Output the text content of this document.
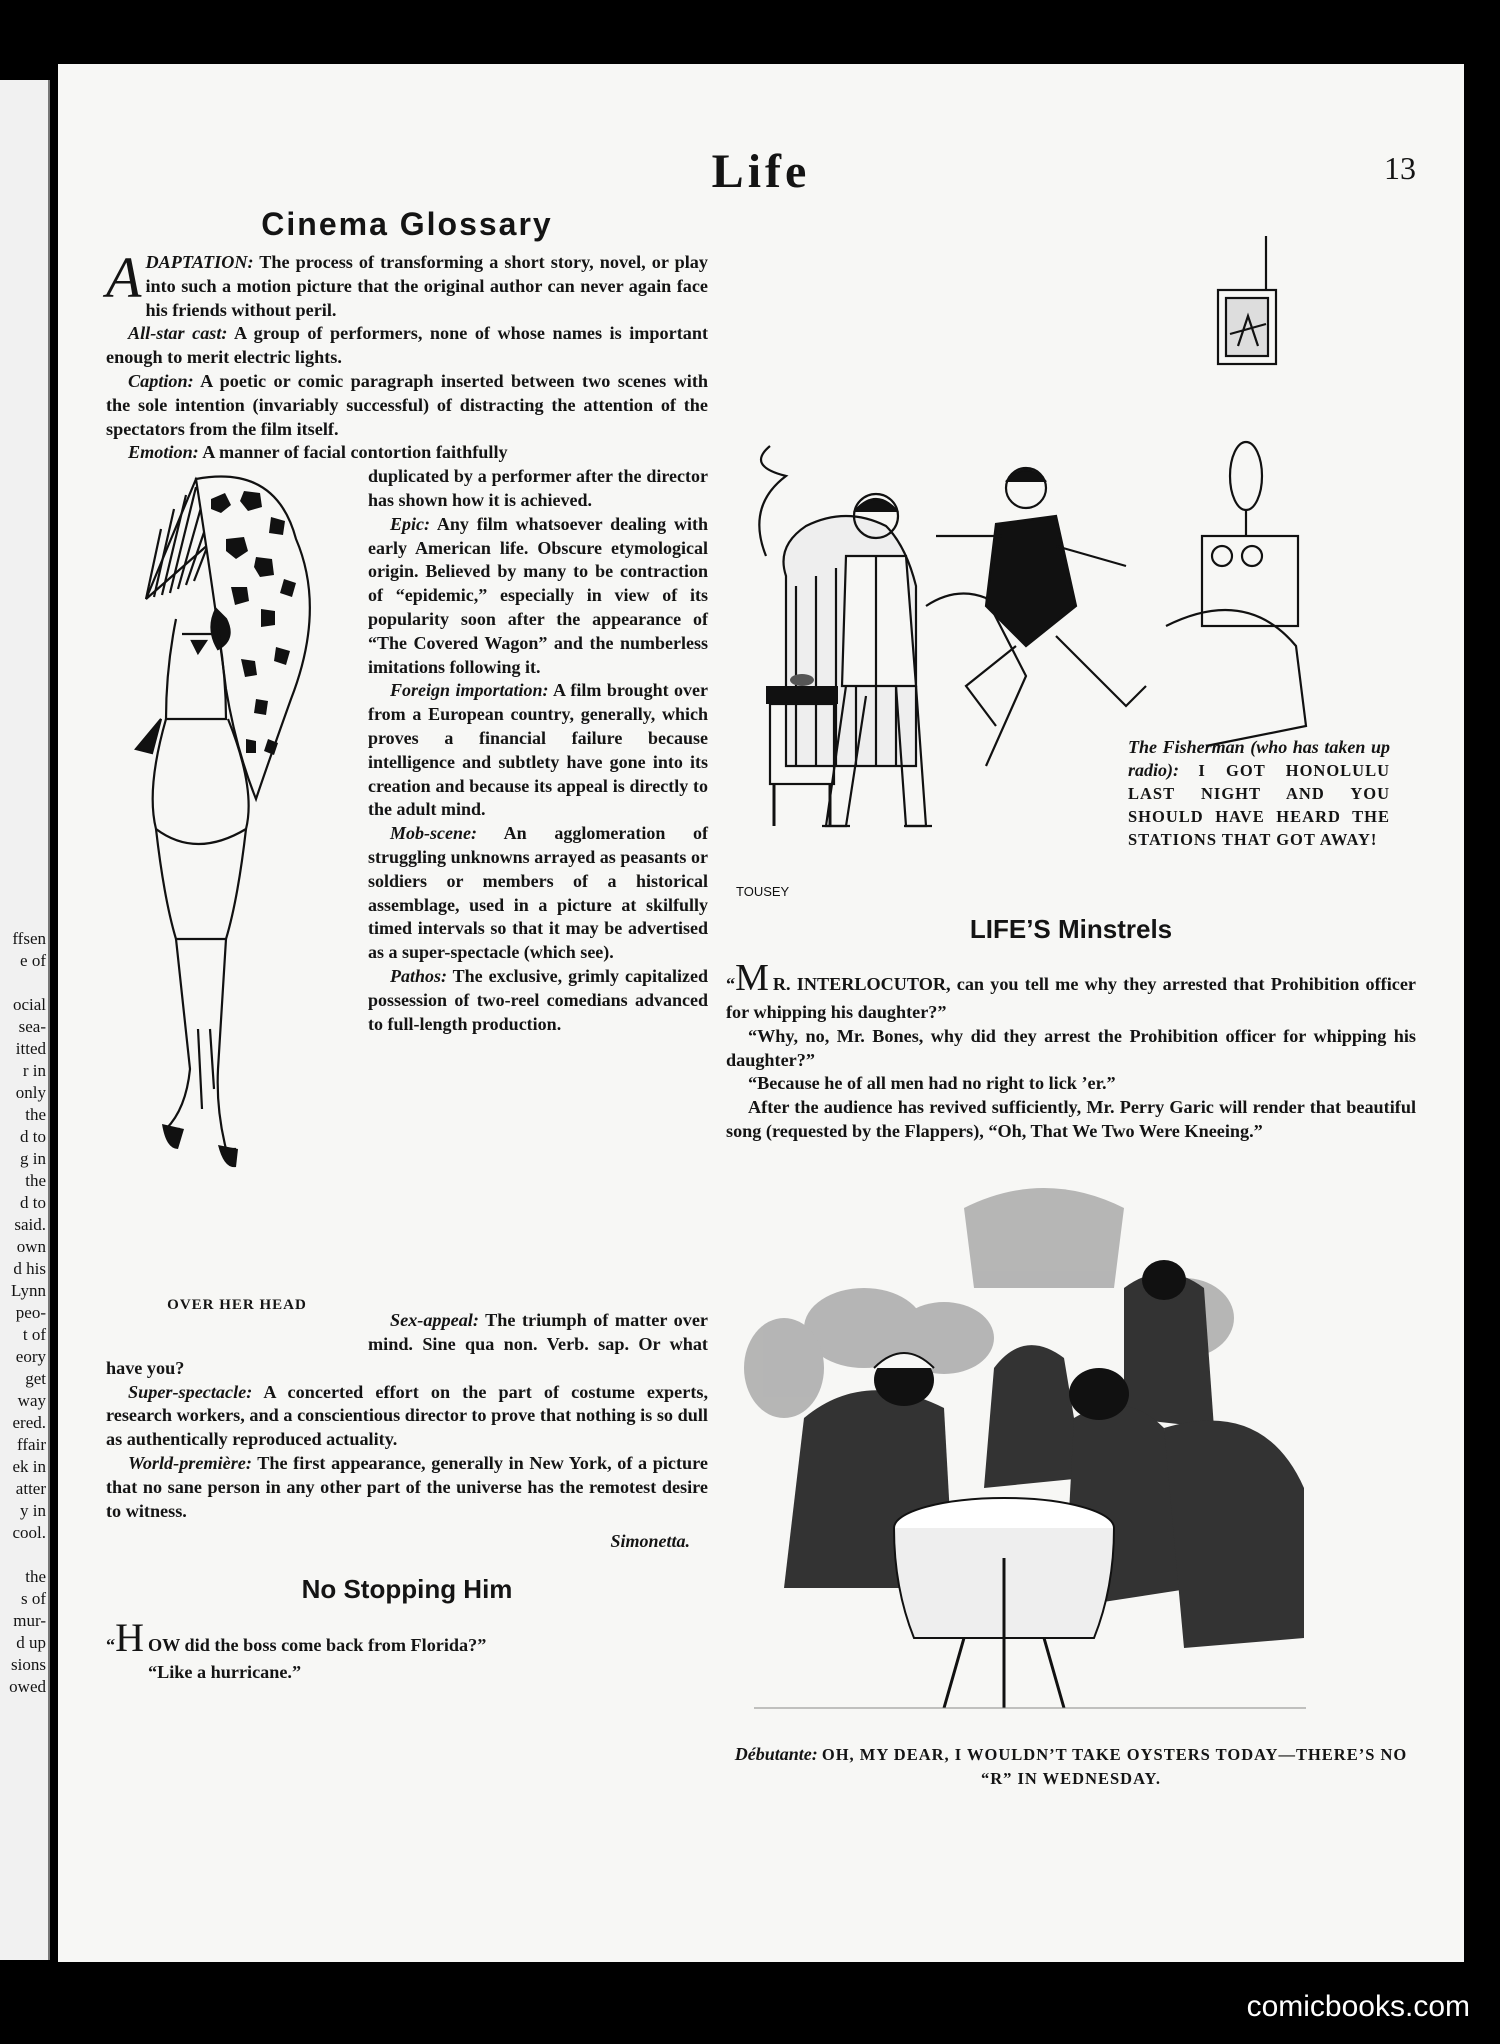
ffsen
e of
ocial
sea-
itted
r in
only
the
d to
g in
the
d to
said.
own
d his
Lynn
peo-
t of
eory
get
way
ered.
ffair
ek in
atter
y in
cool.
the
s of
mur-
d up
sions
owed
Life	13
Cinema Glossary

ADAPTATION: The process of transforming a short story, novel, or play into such a motion picture that the original author can never again face his friends without peril.

All-star cast: A group of performers, none of whose names is important enough to merit electric lights.

Caption: A poetic or comic paragraph inserted between two scenes with the sole intention (invariably successful) of distracting the attention of the spectators from the film itself.

Emotion: A manner of facial contortion faithfully

OVER HER HEAD

duplicated by a performer after the director has shown how it is achieved.

Epic: Any film whatsoever dealing with early American life. Obscure etymological origin. Believed by many to be contraction of “epidemic,” especially in view of its popularity soon after the appearance of “The Covered Wagon” and the numberless imitations following it.

Foreign importation: A film brought over from a European country, generally, which proves a financial failure because intelligence and subtlety have gone into its creation and because its appeal is directly to the adult mind.

Mob-scene: An agglomeration of struggling unknowns arrayed as peasants or soldiers or members of a historical assemblage, used in a picture at skilfully timed intervals so that it may be advertised as a super-spectacle (which see).

Pathos: The exclusive, grimly capitalized possession of two-reel comedians advanced to full-length production.

Sex-appeal: The triumph of matter over mind. Sine qua non. Verb. sap. Or what have you?

Super-spectacle: A concerted effort on the part of costume experts, research workers, and a conscientious director to prove that nothing is so dull as authentically reproduced actuality.

World-première: The first appearance, generally in New York, of a picture that no sane person in any other part of the universe has the remotest desire to witness.

Simonetta.
No Stopping Him

“H OW did the boss come back from Florida?”

“Like a hurricane.”

TOUSEY
The Fisherman (who has taken up radio): I GOT HONOLULU LAST NIGHT AND YOU SHOULD HAVE HEARD THE STATIONS THAT GOT AWAY!
LIFE’S Minstrels

“M R. INTERLOCUTOR, can you tell me why they arrested that Prohibition officer for whipping his daughter?”

“Why, no, Mr. Bones, why did they arrest the Prohibition officer for whipping his daughter?”

“Because he of all men had no right to lick ’er.”

After the audience has revived sufficiently, Mr. Perry Garic will render that beautiful song (requested by the Flappers), “Oh, That We Two Were Kneeing.”

Débutante: OH, MY DEAR, I WOULDN’T TAKE OYSTERS TODAY—THERE’S NO “R” IN WEDNESDAY.
comicbooks.com
